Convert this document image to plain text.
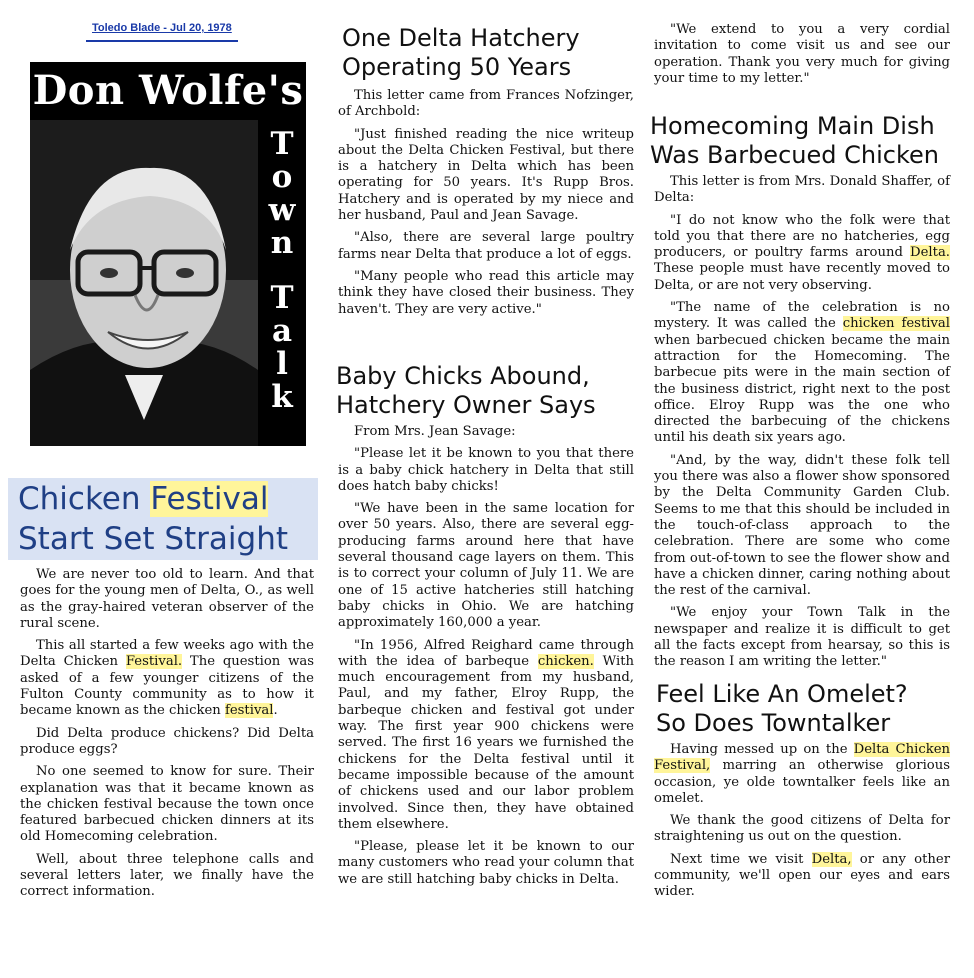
Toledo Blade - Jul 20, 1978
Don Wolfe's
T
o
w
n
T
a
l
k
Chicken Festival
Start Set Straight

We are never too old to learn. And that goes for the young men of Delta, O., as well as the gray-haired veteran observer of the rural scene.

This all started a few weeks ago with the Delta Chicken Festival. The question was asked of a few younger citizens of the Fulton County community as to how it became known as the chicken festival.

Did Delta produce chickens? Did Delta produce eggs?

No one seemed to know for sure. Their explanation was that it became known as the chicken festival because the town once featured barbecued chicken dinners at its old Homecoming celebration.

Well, about three telephone calls and several letters later, we finally have the correct information.

One Delta Hatchery
Operating 50 Years

This letter came from Frances Nofzinger, of Archbold:

"Just finished reading the nice writeup about the Delta Chicken Festival, but there is a hatchery in Delta which has been operating for 50 years. It's Rupp Bros. Hatchery and is operated by my niece and her husband, Paul and Jean Savage.

"Also, there are several large poultry farms near Delta that produce a lot of eggs.

"Many people who read this article may think they have closed their business. They haven't. They are very active."

Baby Chicks Abound,
Hatchery Owner Says

From Mrs. Jean Savage:

"Please let it be known to you that there is a baby chick hatchery in Delta that still does hatch baby chicks!

"We have been in the same location for over 50 years. Also, there are several egg-producing farms around here that have several thousand cage layers on them. This is to correct your column of July 11. We are one of 15 active hatcheries still hatching baby chicks in Ohio. We are hatching approximately 160,000 a year.

"In 1956, Alfred Reighard came through with the idea of barbeque chicken. With much encouragement from my husband, Paul, and my father, Elroy Rupp, the barbeque chicken and festival got under way. The first year 900 chickens were served. The first 16 years we furnished the chickens for the Delta festival until it became impossible because of the amount of chickens used and our labor problem involved. Since then, they have obtained them elsewhere.

"Please, please let it be known to our many customers who read your column that we are still hatching baby chicks in Delta.

"We extend to you a very cordial invitation to come visit us and see our operation. Thank you very much for giving your time to my letter."

Homecoming Main Dish
Was Barbecued Chicken

This letter is from Mrs. Donald Shaffer, of Delta:

"I do not know who the folk were that told you that there are no hatcheries, egg producers, or poultry farms around Delta. These people must have recently moved to Delta, or are not very observing.

"The name of the celebration is no mystery. It was called the chicken festival when barbecued chicken became the main attraction for the Homecoming. The barbecue pits were in the main section of the business district, right next to the post office. Elroy Rupp was the one who directed the barbecuing of the chickens until his death six years ago.

"And, by the way, didn't these folk tell you there was also a flower show sponsored by the Delta Community Garden Club. Seems to me that this should be included in the touch-of-class approach to the celebration. There are some who come from out-of-town to see the flower show and have a chicken dinner, caring nothing about the rest of the carnival.

"We enjoy your Town Talk in the newspaper and realize it is difficult to get all the facts except from hearsay, so this is the reason I am writing the letter."

Feel Like An Omelet?
So Does Towntalker

Having messed up on the Delta Chicken Festival, marring an otherwise glorious occasion, ye olde towntalker feels like an omelet.

We thank the good citizens of Delta for straightening us out on the question.

Next time we visit Delta, or any other community, we'll open our eyes and ears wider.
